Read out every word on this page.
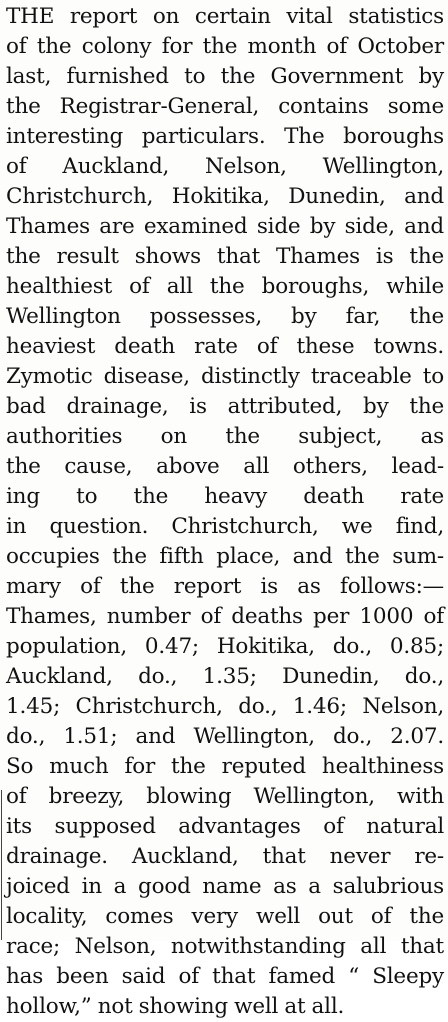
THE report on certain vital statistics
of the colony for the month of October
last, furnished to the Government by
the Registrar-General, contains some
interesting particulars. The boroughs
of Auckland, Nelson, Wellington,
Christchurch, Hokitika, Dunedin, and
Thames are examined side by side, and
the result shows that Thames is the
healthiest of all the boroughs, while
Wellington possesses, by far, the
heaviest death rate of these towns.
Zymotic disease, distinctly traceable to
bad drainage, is attributed, by the
authorities on the subject, as
the cause, above all others, lead-
ing to the heavy death rate
in question. Christchurch, we find,
occupies the fifth place, and the sum-
mary of the report is as follows:—
Thames, number of deaths per 1000 of
population, 0.47; Hokitika, do., 0.85;
Auckland, do., 1.35; Dunedin, do.,
1.45; Christchurch, do., 1.46; Nelson,
do., 1.51; and Wellington, do., 2.07.
So much for the reputed healthiness
of breezy, blowing Wellington, with
its supposed advantages of natural
drainage. Auckland, that never re-
joiced in a good name as a salubrious
locality, comes very well out of the
race; Nelson, notwithstanding all that
has been said of that famed “ Sleepy
hollow,” not showing well at all.
